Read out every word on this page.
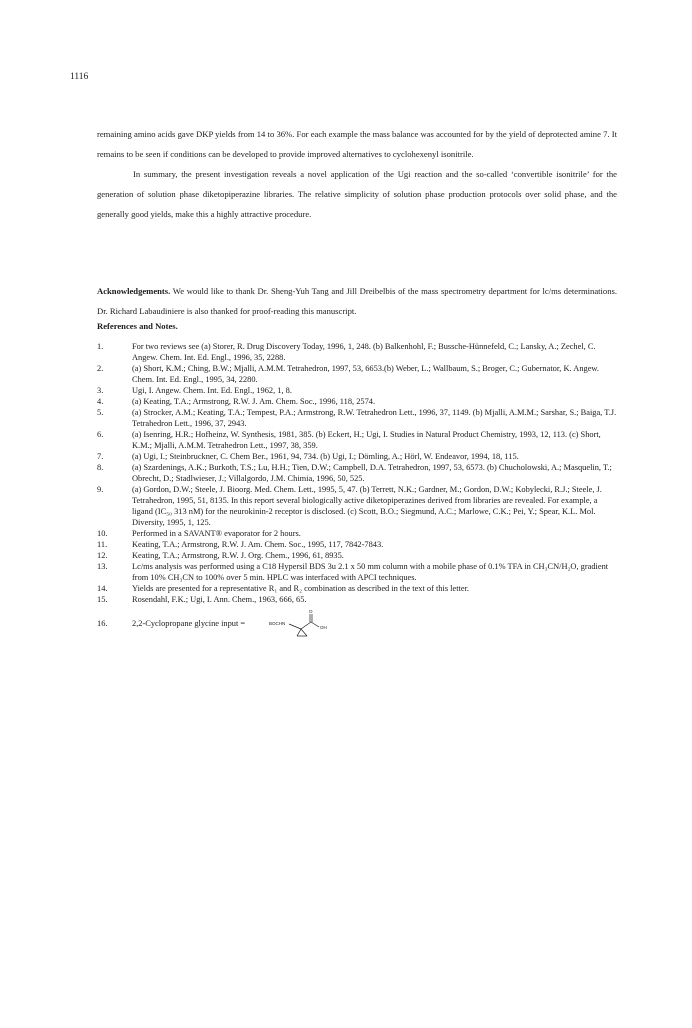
1116

remaining amino acids gave DKP yields from 14 to 36%. For each example the mass balance was accounted for by the yield of deprotected amine 7. It remains to be seen if conditions can be developed to provide improved alternatives to cyclohexenyl isonitrile.

In summary, the present investigation reveals a novel application of the Ugi reaction and the so-called ‘convertible isonitrile’ for the generation of solution phase diketopiperazine libraries. The relative simplicity of solution phase production protocols over solid phase, and the generally good yields, make this a highly attractive procedure.

Acknowledgements. We would like to thank Dr. Sheng-Yuh Tang and Jill Dreibelbis of the mass spectrometry department for lc/ms determinations. Dr. Richard Labaudiniere is also thanked for proof-reading this manuscript.
References and Notes.
1.	For two reviews see (a) Storer, R. Drug Discovery Today, 1996, 1, 248. (b) Balkenhohl, F.; Bussche-Hünnefeld, C.; Lansky, A.; Zechel, C. Angew. Chem. Int. Ed. Engl., 1996, 35, 2288.
2.	(a) Short, K.M.; Ching, B.W.; Mjalli, A.M.M. Tetrahedron, 1997, 53, 6653.(b) Weber, L.; Wallbaum, S.; Broger, C.; Gubernator, K. Angew. Chem. Int. Ed. Engl., 1995, 34, 2280.
3.	Ugi, I. Angew. Chem. Int. Ed. Engl., 1962, 1, 8.
4.	(a) Keating, T.A.; Armstrong, R.W. J. Am. Chem. Soc., 1996, 118, 2574.
5.	(a) Strocker, A.M.; Keating, T.A.; Tempest, P.A.; Armstrong, R.W. Tetrahedron Lett., 1996, 37, 1149. (b) Mjalli, A.M.M.; Sarshar, S.; Baiga, T.J. Tetrahedron Lett., 1996, 37, 2943.
6.	(a) Isenring, H.R.; Hofheinz, W. Synthesis, 1981, 385. (b) Eckert, H.; Ugi, I. Studies in Natural Product Chemistry, 1993, 12, 113. (c) Short, K.M.; Mjalli, A.M.M. Tetrahedron Lett., 1997, 38, 359.
7.	(a) Ugi, I.; Steinbruckner, C. Chem Ber., 1961, 94, 734. (b) Ugi, I.; Dömling, A.; Hörl, W. Endeavor, 1994, 18, 115.
8.	(a) Szardenings, A.K.; Burkoth, T.S.; Lu, H.H.; Tien, D.W.; Campbell, D.A. Tetrahedron, 1997, 53, 6573. (b) Chucholowski, A.; Masquelin, T.; Obrecht, D.; Stadlwieser, J.; Villalgordo, J.M. Chimia, 1996, 50, 525.
9.	(a) Gordon, D.W.; Steele, J. Bioorg. Med. Chem. Lett., 1995, 5, 47. (b) Terrett, N.K.; Gardner, M.; Gordon, D.W.; Kobylecki, R.J.; Steele, J. Tetrahedron, 1995, 51, 8135. In this report several biologically active diketopiperazines derived from libraries are revealed. For example, a ligand (IC₅₀ 313 nM) for the neurokinin-2 receptor is disclosed. (c) Scott, B.O.; Siegmund, A.C.; Marlowe, C.K.; Pei, Y.; Spear, K.L. Mol. Diversity, 1995, 1, 125.
10.	Performed in a SAVANT® evaporator for 2 hours.
11.	Keating, T.A.; Armstrong, R.W. J. Am. Chem. Soc., 1995, 117, 7842-7843.
12.	Keating, T.A.; Armstrong, R.W. J. Org. Chem., 1996, 61, 8935.
13.	Lc/ms analysis was performed using a C18 Hypersil BDS 3u 2.1 x 50 mm column with a mobile phase of 0.1% TFA in CH₃CN/H₂O, gradient from 10% CH₃CN to 100% over 5 min. HPLC was interfaced with APCI techniques.
14.	Yields are presented for a representative R₁ and R₂ combination as described in the text of this letter.
15.	Rosendahl, F.K.; Ugi, I. Ann. Chem., 1963, 666, 65.
16.	2,2-Cyclopropane glycine input =	BOCHN
O
OH
